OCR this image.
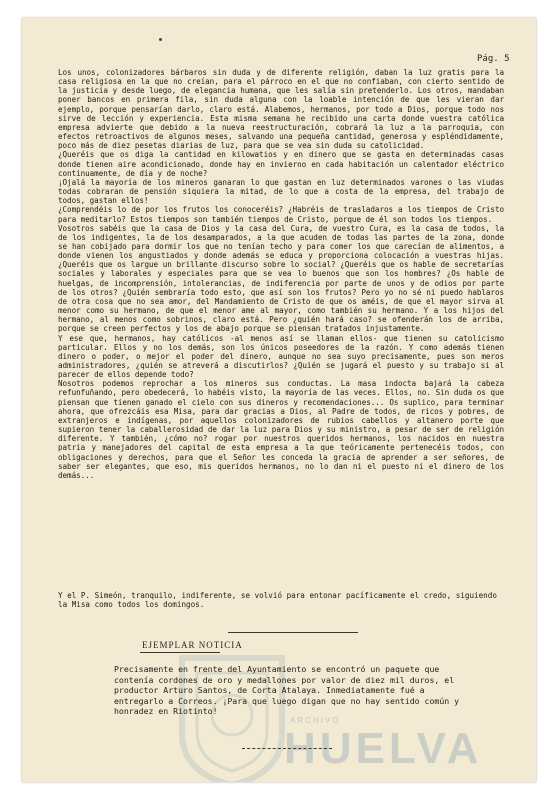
Pág. 5

Los unos, colonizadores bárbaros sin duda y de diferente religión, daban la luz gratis para la casa religiosa en la que no creían, para el párroco en el que no confiaban, con cierto sentido de la justicia y desde luego, de elegancia humana, que les salía sin pretenderlo. Los otros, mandaban poner bancos en primera fila, sin duda alguna con la loable intención de que les vieran dar ejemplo, porque pensarían darlo, claro está. Alabemos, hermanos, por todo a Dios, porque todo nos sirve de lección y experiencia. Esta misma semana he recibido una carta donde vuestra católica empresa advierte que debido a la nueva reestructuración, cobrará la luz a la parroquia, con efectos retroactivos de algunos meses, salvando una pequeña cantidad, generosa y espléndidamente, poco más de diez pesetas diarias de luz, para que se vea sin duda su catolicidad.

¿Queréis que os diga la cantidad en kilowatios y en dinero que se gasta en determinadas casas donde tienen aire acondicionado, donde hay en invierno en cada habitación un calentador eléctrico continuamente, de día y de noche?

¡Ojalá la mayoría de los mineros ganaran lo que gastan en luz determinados varones o las viudas todas cobraran de pensión siquiera la mitad, de lo que a costa de la empresa, del trabajo de todos, gastan ellos!

¿Comprendéis lo de por los frutos los conoceréis? ¿Habréis de trasladaros a los tiempos de Cristo para meditarlo? Estos tiempos son también tiempos de Cristo, porque de él son todos los tiempos.

Vosotros sabéis que la casa de Dios y la casa del Cura, de vuestro Cura, es la casa de todos, la de los indigentes, la de los desamparados, a la que acuden de todas las partes de la zona, donde se han cobijado para dormir los que no tenían techo y para comer los que carecían de alimentos, a donde vienen los angustiados y donde además se educa y proporciona colocación a vuestras hijas. ¿Queréis que os largue un brillante discurso sobre lo social? ¿Queréis que os hable de secretarías sociales y laborales y especiales para que se vea lo buenos que son los hombres? ¿Os hable de huelgas, de incomprensión, intolerancias, de indiferencia por parte de unos y de odios por parte de los otros? ¿Quién sembraría todo esto, que así son los frutos? Pero yo no sé ni puedo hablaros de otra cosa que no sea amor, del Mandamiento de Cristo de que os améis, de que el mayor sirva al menor como su hermano, de que el menor ame al mayor, como también su hermano. Y a los hijos del hermano, al menos como sobrinos, claro está. Pero ¿quién hará caso? se ofenderán los de arriba, porque se creen perfectos y los de abajo porque se piensan tratados injustamente.

Y ese que, hermanos, hay católicos -al menos así se llaman ellos- que tienen su catolicismo particular. Ellos y no los demás, son los únicos poseedores de la razón. Y como además tienen dinero o poder, o mejor el poder del dinero, aunque no sea suyo precisamente, pues son meros administradores, ¿quién se atreverá a discutirlos? ¿Quién se jugará el puesto y su trabajo si al parecer de ellos depende todo?

Nosotros podemos reprochar a los mineros sus conductas. La masa indocta bajará la cabeza refunfuñando, pero obedecerá, lo habéis visto, la mayoría de las veces. Ellos, no. Sin duda os que piensan que tienen ganado el cielo con sus dineros y recomendaciones... Os suplico, para terminar ahora, que ofrezcáis esa Misa, para dar gracias a Dios, al Padre de todos, de ricos y pobres, de extranjeros e indígenas, por aquellos colonizadores de rubios cabellos y altanero porte que supieron tener la caballerosidad de dar la luz para Dios y su ministro, a pesar de ser de religión diferente. Y también, ¿cómo no? rogar por nuestros queridos hermanos, los nacidos en nuestra patria y manejadores del capital de esta empresa a la que teóricamente pertenecéis todos, con obligaciones y derechos, para que el Señor les conceda la gracia de aprender a ser señores, de saber ser elegantes, que eso, mis queridos hermanos, no lo dan ni el puesto ni el dinero de los demás...

Y el P. Simeón, tranquilo, indiferente, se volvió para entonar pacíficamente el credo, siguiendo la Misa como todos los domingos.
ARCHIVO
HUELVA
EJEMPLAR NOTICIA
Precisamente en frente del Ayuntamiento se encontró un paquete que contenía cordones de oro y medallones por valor de diez mil duros, el productor Arturo Santos, de Corta Atalaya. Inmediatamente fué a entregarlo a Correos. ¡Para que luego digan que no hay sentido común y honradez en Riotinto!
